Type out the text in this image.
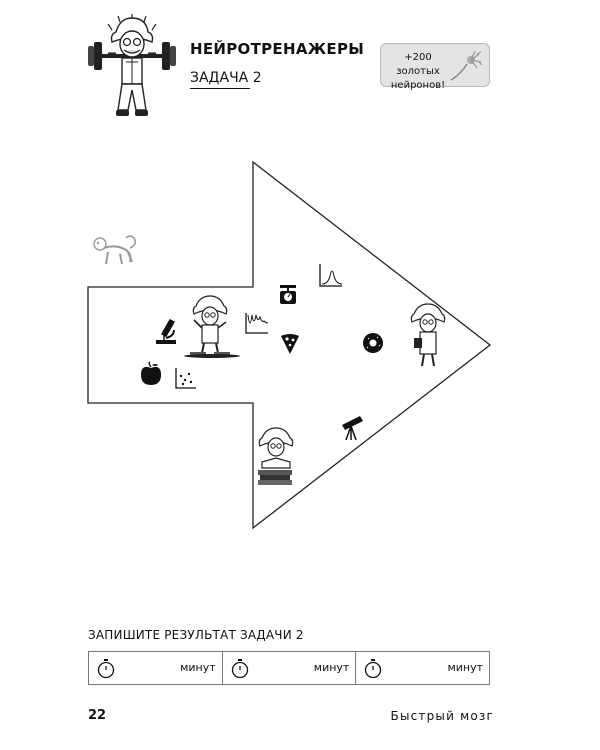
НЕЙРОТРЕНАЖЕРЫ
ЗАДАЧА 2
+200 золотых нейронов!
ЗАПИШИТЕ РЕЗУЛЬТАТ ЗАДАЧИ 2
минут	минут	минут
22	Быстрый мозг
